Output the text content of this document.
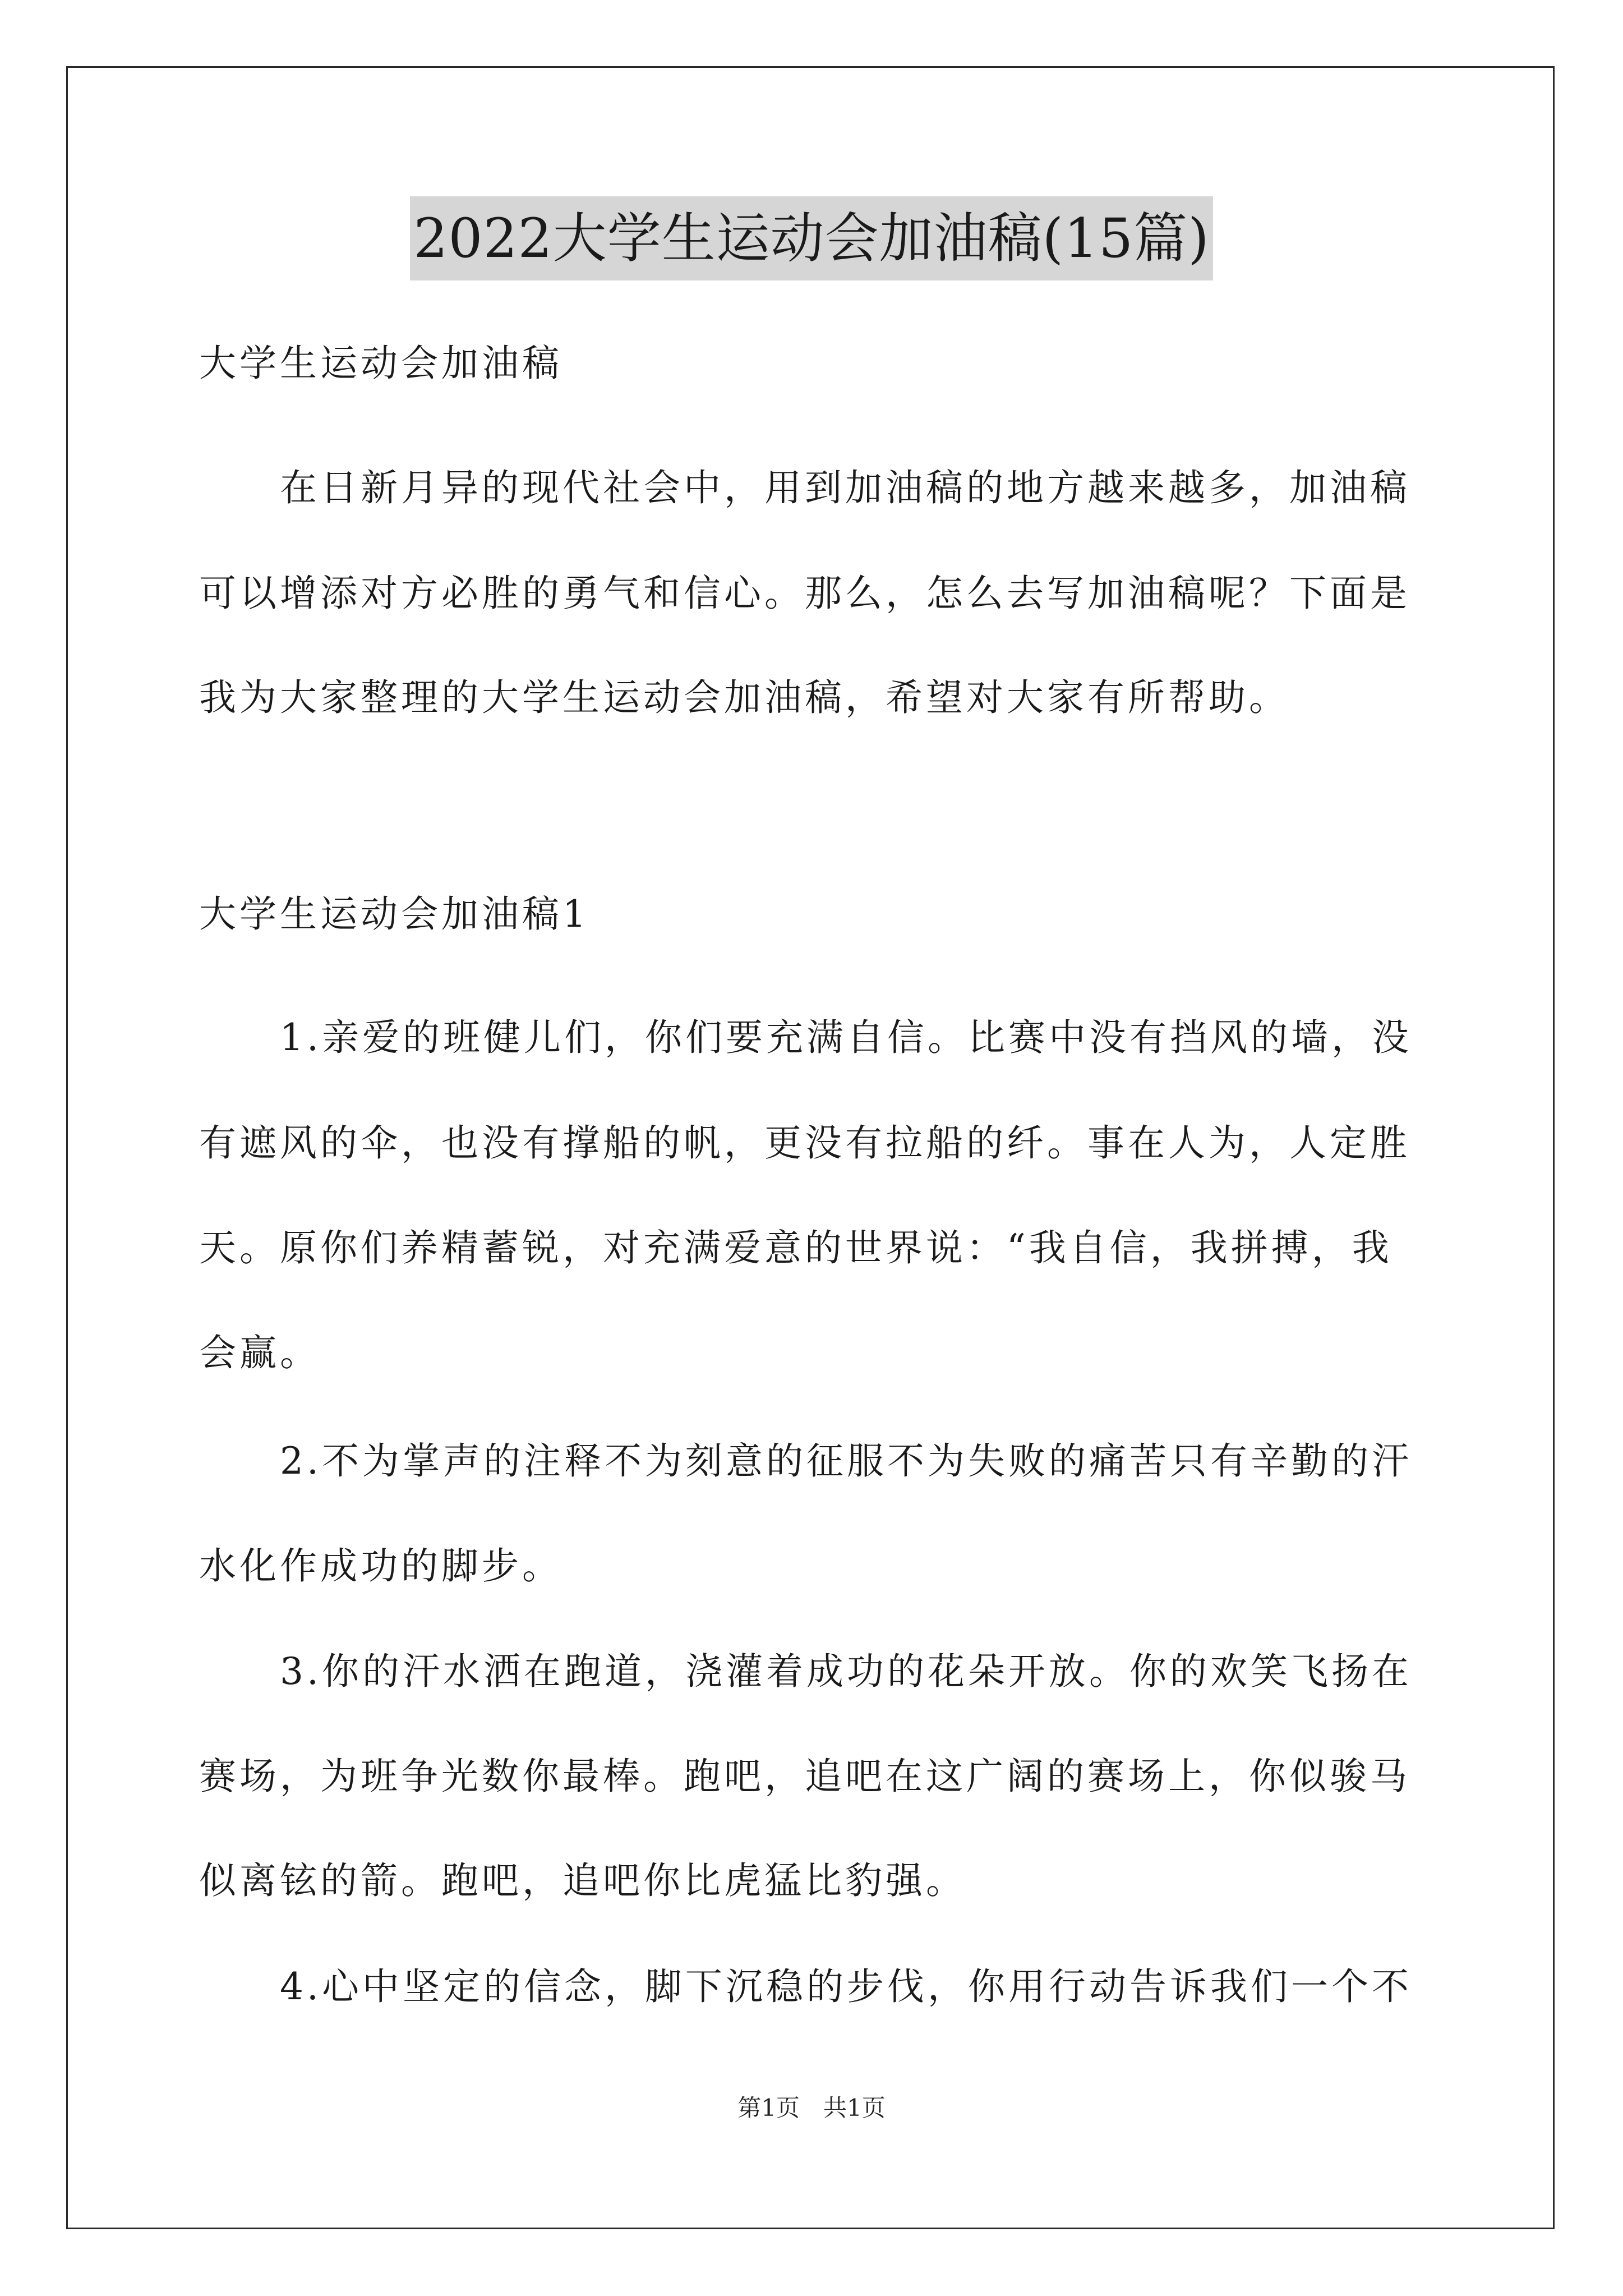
2022大学生运动会加油稿(15篇)
大学生运动会加油稿
　　在日新月异的现代社会中，用到加油稿的地方越来越多，加油稿
可以增添对方必胜的勇气和信心。那么，怎么去写加油稿呢？下面是
我为大家整理的大学生运动会加油稿，希望对大家有所帮助。
大学生运动会加油稿1
　　1.亲爱的班健儿们，你们要充满自信。比赛中没有挡风的墙，没
有遮风的伞，也没有撑船的帆，更没有拉船的纤。事在人为，人定胜
天。原你们养精蓄锐，对充满爱意的世界说：“我自信，我拼搏，我
会赢。
　　2.不为掌声的注释不为刻意的征服不为失败的痛苦只有辛勤的汗
水化作成功的脚步。
　　3.你的汗水洒在跑道，浇灌着成功的花朵开放。你的欢笑飞扬在
赛场，为班争光数你最棒。跑吧，追吧在这广阔的赛场上，你似骏马
似离铉的箭。跑吧，追吧你比虎猛比豹强。
　　4.心中坚定的信念，脚下沉稳的步伐，你用行动告诉我们一个不
第1页　共1页
